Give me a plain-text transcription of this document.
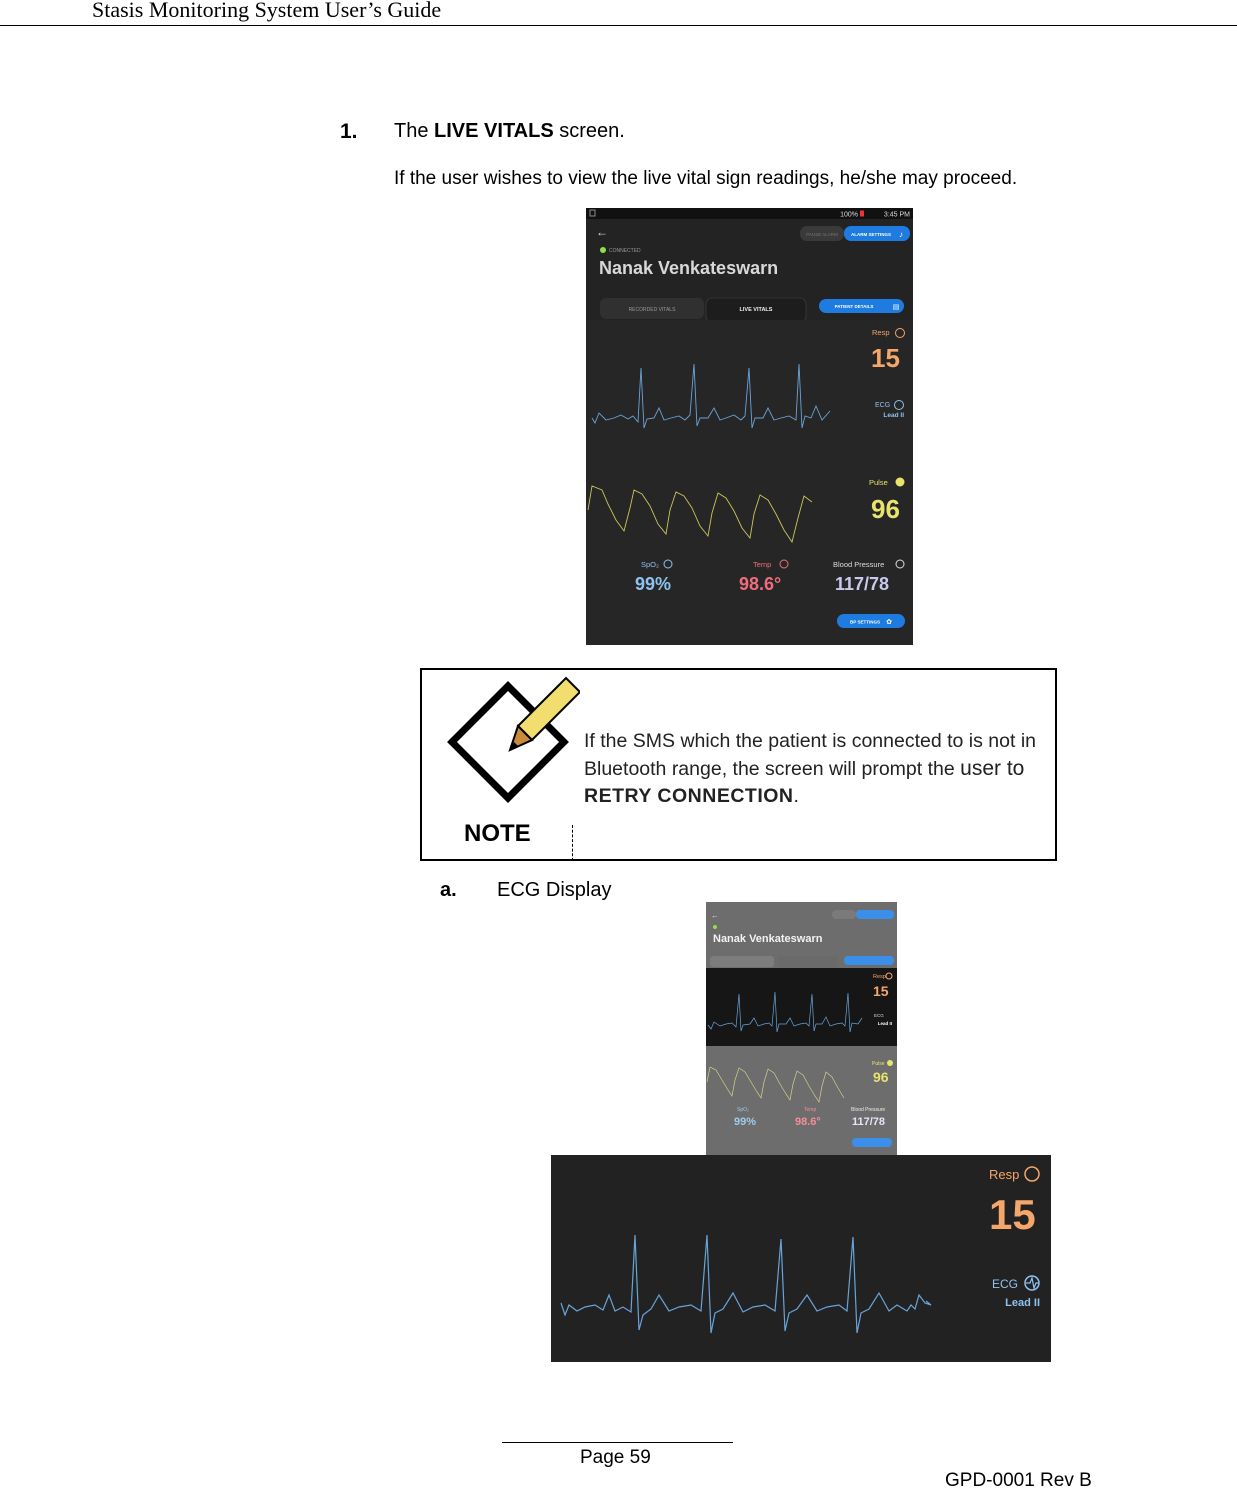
Stasis Monitoring System User’s Guide
1. The LIVE VITALS screen.
If the user wishes to view the live vital sign readings, he/she may proceed.
100%	3:45 PM
←	PAUSE ALARM	ALARM SETTINGS ♪
CONNECTED
Nanak Venkateswarn
RECORDED VITALS	LIVE VITALS
PATIENT DETAILS	▤
Resp
15
ECG
Lead II
Pulse
96
SpO₂
99%
Temp
98.6°
Blood Pressure
117/78
BP SETTINGS ✿
NOTE
If the SMS which the patient is connected to is not in Bluetooth range, the screen will prompt the user to RETRY CONNECTION.
a. ECG Display
←
Nanak Venkateswarn
Resp
15
ECG
Lead II
Pulse
96
SpO₂
99%
Temp
98.6°
Blood Pressure
117/78
Resp
15
ECG
Lead II
Page 59
GPD-0001 Rev B
